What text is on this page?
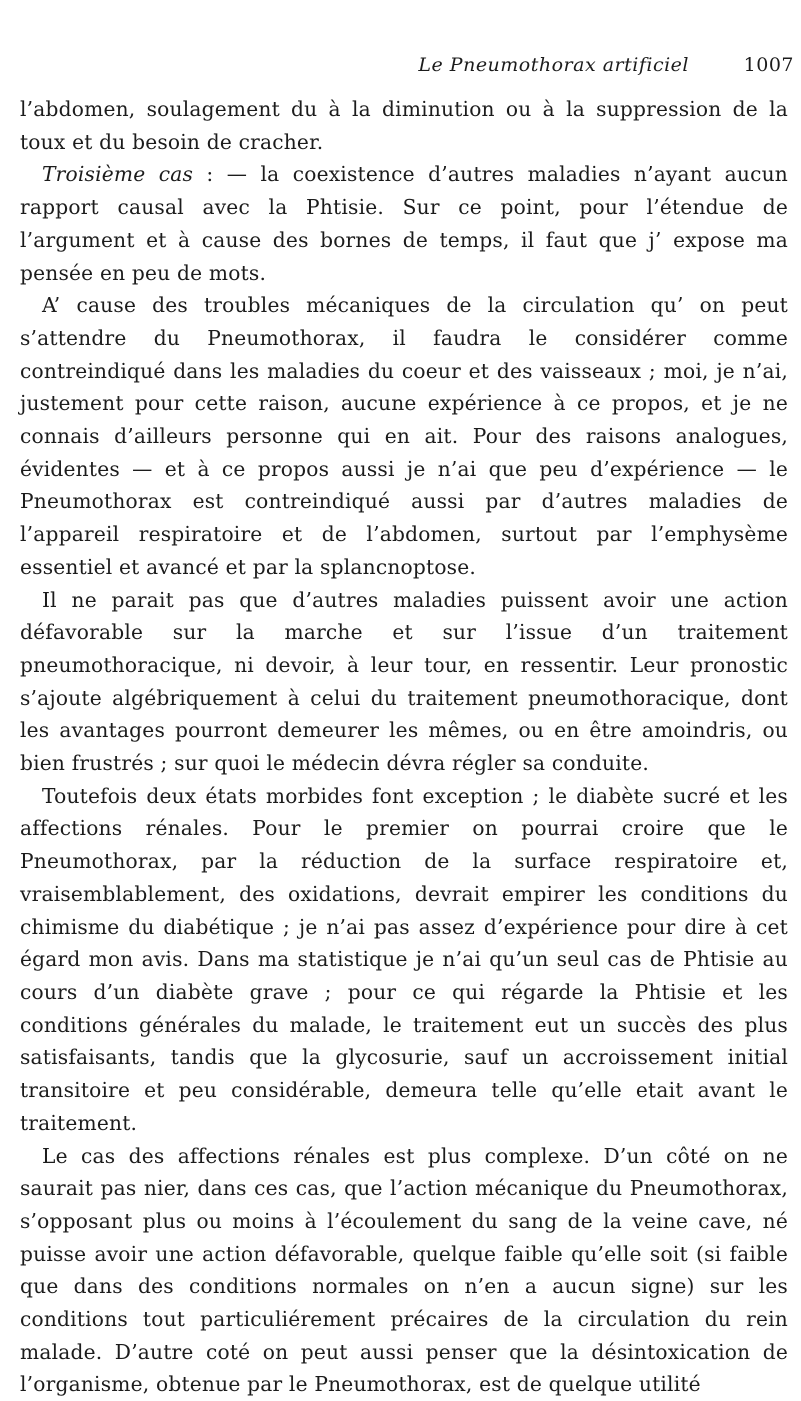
Le Pneumothorax artificiel	1007

l’abdomen, soulagement du à la diminution ou à la suppression de la toux et du besoin de cracher.

Troisième cas : — la coexistence d’autres maladies n’ayant aucun rapport causal avec la Phtisie. Sur ce point, pour l’étendue de l’argument et à cause des bornes de temps, il faut que j’ expose ma pensée en peu de mots.

A’ cause des troubles mécaniques de la circulation qu’ on peut s’attendre du Pneumothorax, il faudra le considérer comme contreindiqué dans les maladies du coeur et des vaisseaux ; moi, je n’ai, justement pour cette raison, aucune expérience à ce propos, et je ne connais d’ailleurs personne qui en ait. Pour des raisons analogues, évidentes — et à ce propos aussi je n’ai que peu d’expérience — le Pneumothorax est contreindiqué aussi par d’autres maladies de l’appareil respiratoire et de l’abdomen, surtout par l’emphysème essentiel et avancé et par la splancnoptose.

Il ne parait pas que d’autres maladies puissent avoir une action défavorable sur la marche et sur l’issue d’un traitement pneumothoracique, ni devoir, à leur tour, en ressentir. Leur pronostic s’ajoute algébriquement à celui du traitement pneumothoracique, dont les avantages pourront demeurer les mêmes, ou en être amoindris, ou bien frustrés ; sur quoi le médecin dévra régler sa conduite.

Toutefois deux états morbides font exception ; le diabète sucré et les affections rénales. Pour le premier on pourrai croire que le Pneumothorax, par la réduction de la surface respiratoire et, vraisemblablement, des oxidations, devrait empirer les conditions du chimisme du diabétique ; je n’ai pas assez d’expérience pour dire à cet égard mon avis. Dans ma statistique je n’ai qu’un seul cas de Phtisie au cours d’un diabète grave ; pour ce qui régarde la Phtisie et les conditions générales du malade, le traitement eut un succès des plus satisfaisants, tandis que la glycosurie, sauf un accroissement initial transitoire et peu considérable, demeura telle qu’elle etait avant le traitement.

Le cas des affections rénales est plus complexe. D’un côté on ne saurait pas nier, dans ces cas, que l’action mécanique du Pneumothorax, s’opposant plus ou moins à l’écoulement du sang de la veine cave, né puisse avoir une action défavorable, quelque faible qu’elle soit (si faible que dans des conditions normales on n’en a aucun signe) sur les conditions tout particuliérement précaires de la circulation du rein malade. D’autre coté on peut aussi penser que la désintoxication de l’organisme, obtenue par le Pneumothorax, est de quelque utilité
